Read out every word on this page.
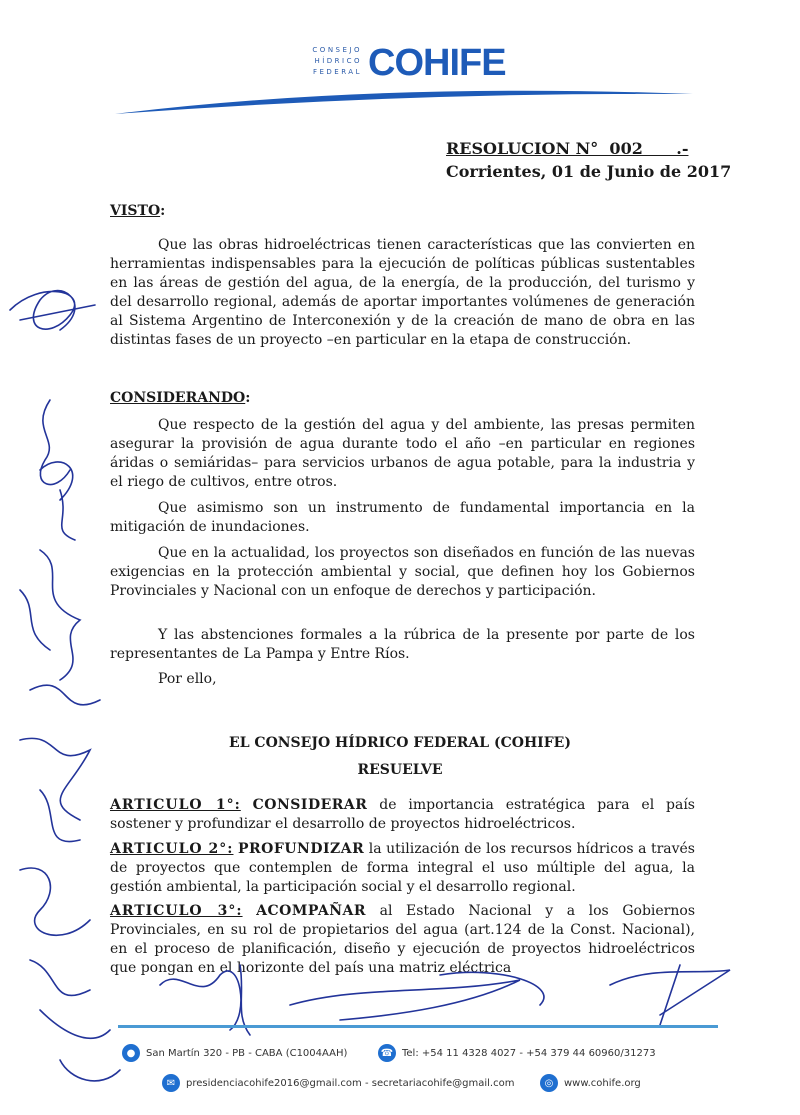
CONSEJO
HÍDRICO
FEDERAL COHIFE
RESOLUCION N°  002      .-
Corrientes, 01 de Junio de 2017
VISTO:
Que las obras hidroeléctricas tienen características que las convierten en herramientas indispensables para la ejecución de políticas públicas sustentables en las áreas de gestión del agua, de la energía, de la producción, del turismo y del desarrollo regional, además de aportar importantes volúmenes de generación al Sistema Argentino de Interconexión y de la creación de mano de obra en las distintas fases de un proyecto –en particular en la etapa de construcción.
CONSIDERANDO:
Que respecto de la gestión del agua y del ambiente, las presas permiten asegurar la provisión de agua durante todo el año –en particular en regiones áridas o semiáridas– para servicios urbanos de agua potable, para la industria y el riego de cultivos, entre otros.
Que asimismo son un instrumento de fundamental importancia en la mitigación de inundaciones.
Que en la actualidad, los proyectos son diseñados en función de las nuevas exigencias en la protección ambiental y social, que definen hoy los Gobiernos Provinciales y Nacional con un enfoque de derechos y participación.
Y las abstenciones formales a la rúbrica de la presente por parte de los representantes de La Pampa y Entre Ríos.
Por ello,
EL CONSEJO HÍDRICO FEDERAL (COHIFE)
RESUELVE
ARTICULO 1°: CONSIDERAR de importancia estratégica para el país sostener y profundizar el desarrollo de proyectos hidroeléctricos.
ARTICULO 2°: PROFUNDIZAR la utilización de los recursos hídricos a través de proyectos que contemplen de forma integral el uso múltiple del agua, la gestión ambiental, la participación social y el desarrollo regional.
ARTICULO 3°: ACOMPAÑAR al Estado Nacional y a los Gobiernos Provinciales, en su rol de propietarios del agua (art.124 de la Const. Nacional), en el proceso de planificación, diseño y ejecución de proyectos hidroeléctricos que pongan en el horizonte del país una matriz eléctrica
●	San Martín 320 - PB - CABA (C1004AAH)	☎ Tel: +54 11 4328 4027 - +54 379 44 60960/31273
✉	presidenciacohife2016@gmail.com - secretariacohife@gmail.com	◎	www.cohife.org
